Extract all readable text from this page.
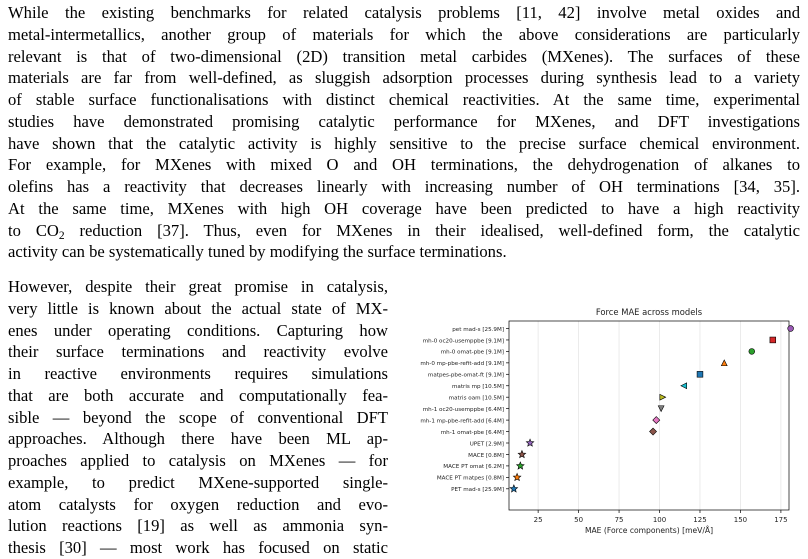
While the existing benchmarks for related catalysis problems [11, 42] involve metal oxides and
metal-intermetallics, another group of materials for which the above considerations are particularly
relevant is that of two-dimensional (2D) transition metal carbides (MXenes). The surfaces of these
materials are far from well-defined, as sluggish adsorption processes during synthesis lead to a variety
of stable surface functionalisations with distinct chemical reactivities. At the same time, experimental
studies have demonstrated promising catalytic performance for MXenes, and DFT investigations
have shown that the catalytic activity is highly sensitive to the precise surface chemical environment.
For example, for MXenes with mixed O and OH terminations, the dehydrogenation of alkanes to
olefins has a reactivity that decreases linearly with increasing number of OH terminations [34, 35].
At the same time, MXenes with high OH coverage have been predicted to have a high reactivity
to $CO_2$ reduction [37]. Thus, even for MXenes in their idealised, well-defined form, the catalytic
activity can be systematically tuned by modifying the surface terminations.
However, despite their great promise in catalysis,
very little is known about the actual state of MX-
enes under operating conditions. Capturing how
their surface terminations and reactivity evolve
in reactive environments requires simulations
that are both accurate and computationally fea-
sible — beyond the scope of conventional DFT
approaches. Although there have been ML ap-
proaches applied to catalysis on MXenes — for
example, to predict MXene-supported single-
atom catalysts for oxygen reduction and evo-
lution reactions [19] as well as ammonia syn-
thesis [30] — most work has focused on static
Force MAE across models
25	50	75	100	125	150	175
pet mad-s [25.9M]
mh-0 oc20-usemppbe [9.1M]
mh-0 omat-pbe [9.1M]
mh-0 mp-pbe-refit-add [9.1M]
matpes-pbe-omat-ft [9.1M]
matris mp [10.5M]
matris oam [10.5M]
mh-1 oc20-usemppbe [6.4M]
mh-1 mp-pbe-refit-add [6.4M]
mh-1 omat-pbe [6.4M]
UPET [2.9M]
MACE [0.8M]
MACE PT omat [6.2M]
MACE PT matpes [0.8M]
PET mad-s [25.9M]
MAE (Force components) [meV/Å]
